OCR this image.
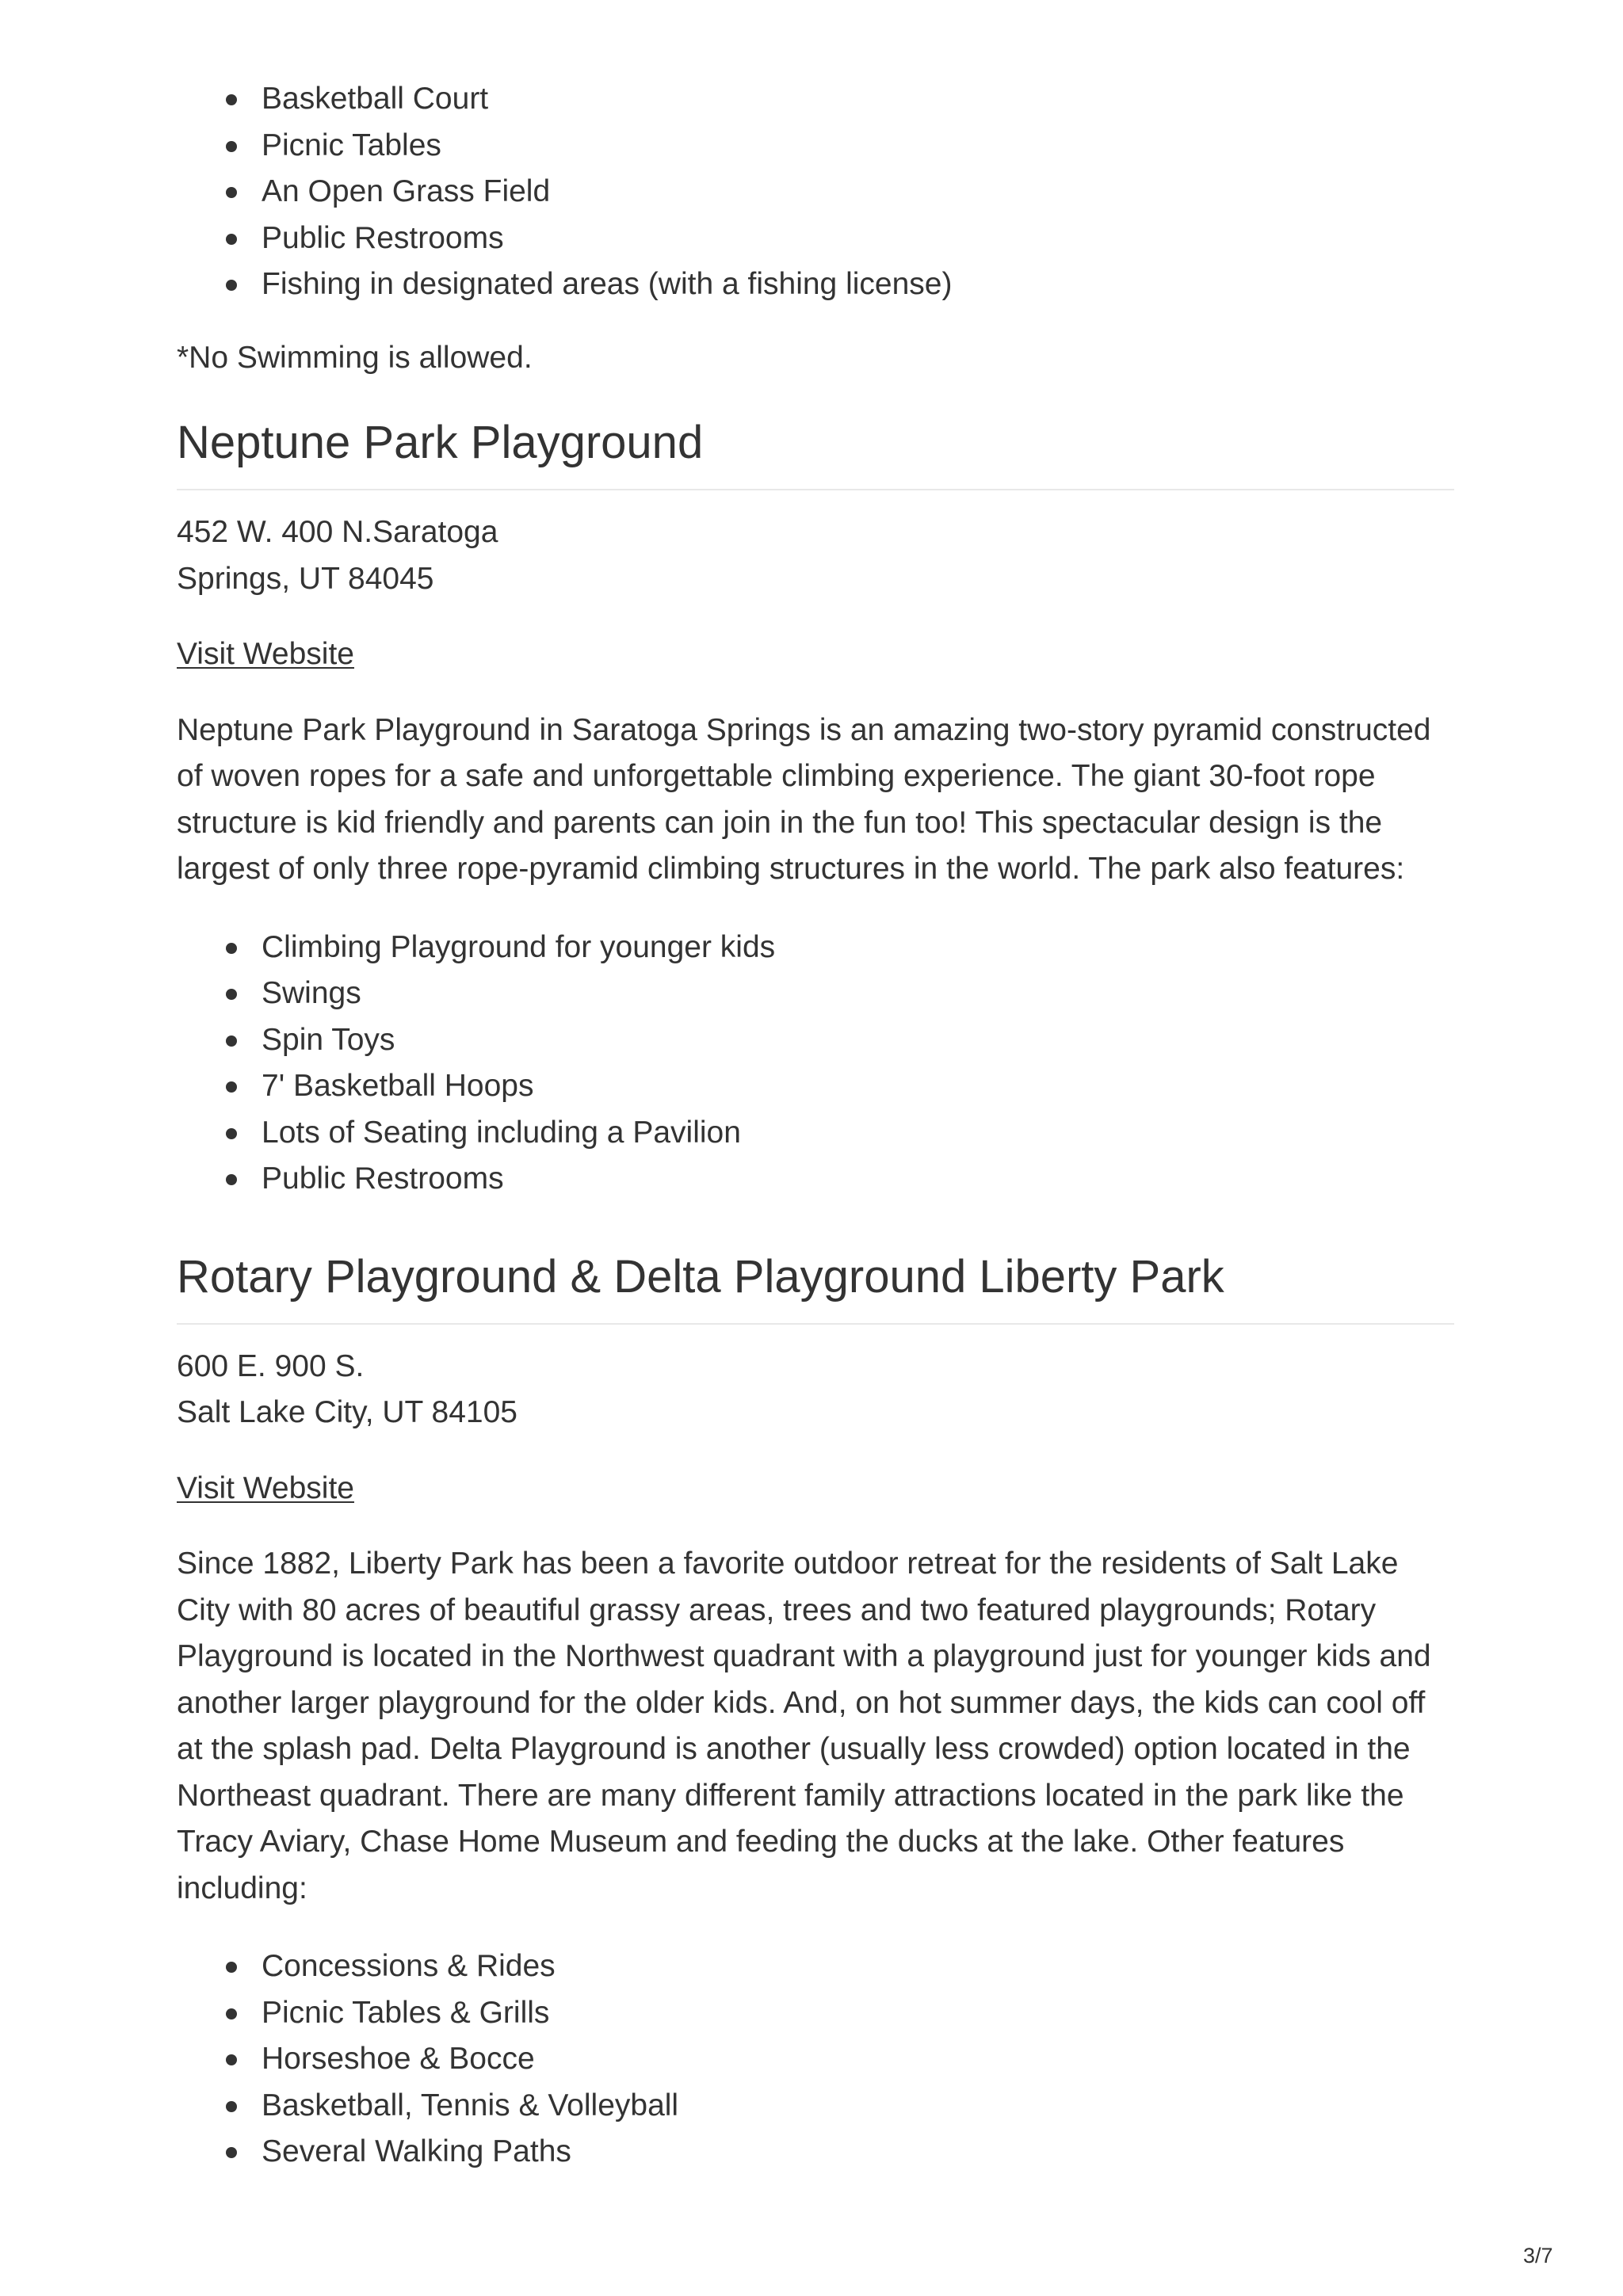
Basketball Court
Picnic Tables
An Open Grass Field
Public Restrooms
Fishing in designated areas (with a fishing license)

*No Swimming is allowed.

Neptune Park Playground

452 W. 400 N.Saratoga

Springs, UT 84045

Visit Website

Neptune Park Playground in Saratoga Springs is an amazing two-story pyramid constructed of woven ropes for a safe and unforgettable climbing experience. The giant 30-foot rope structure is kid friendly and parents can join in the fun too! This spectacular design is the largest of only three rope-pyramid climbing structures in the world. The park also features:

Climbing Playground for younger kids
Swings
Spin Toys
7' Basketball Hoops
Lots of Seating including a Pavilion
Public Restrooms
Rotary Playground & Delta Playground Liberty Park

600 E. 900 S.

Salt Lake City, UT 84105

Visit Website

Since 1882, Liberty Park has been a favorite outdoor retreat for the residents of Salt Lake City with 80 acres of beautiful grassy areas, trees and two featured playgrounds; Rotary Playground is located in the Northwest quadrant with a playground just for younger kids and another larger playground for the older kids. And, on hot summer days, the kids can cool off at the splash pad. Delta Playground is another (usually less crowded) option located in the Northeast quadrant. There are many different family attractions located in the park like the Tracy Aviary, Chase Home Museum and feeding the ducks at the lake. Other features including:

Concessions & Rides
Picnic Tables & Grills
Horseshoe & Bocce
Basketball, Tennis & Volleyball
Several Walking Paths
3/7
